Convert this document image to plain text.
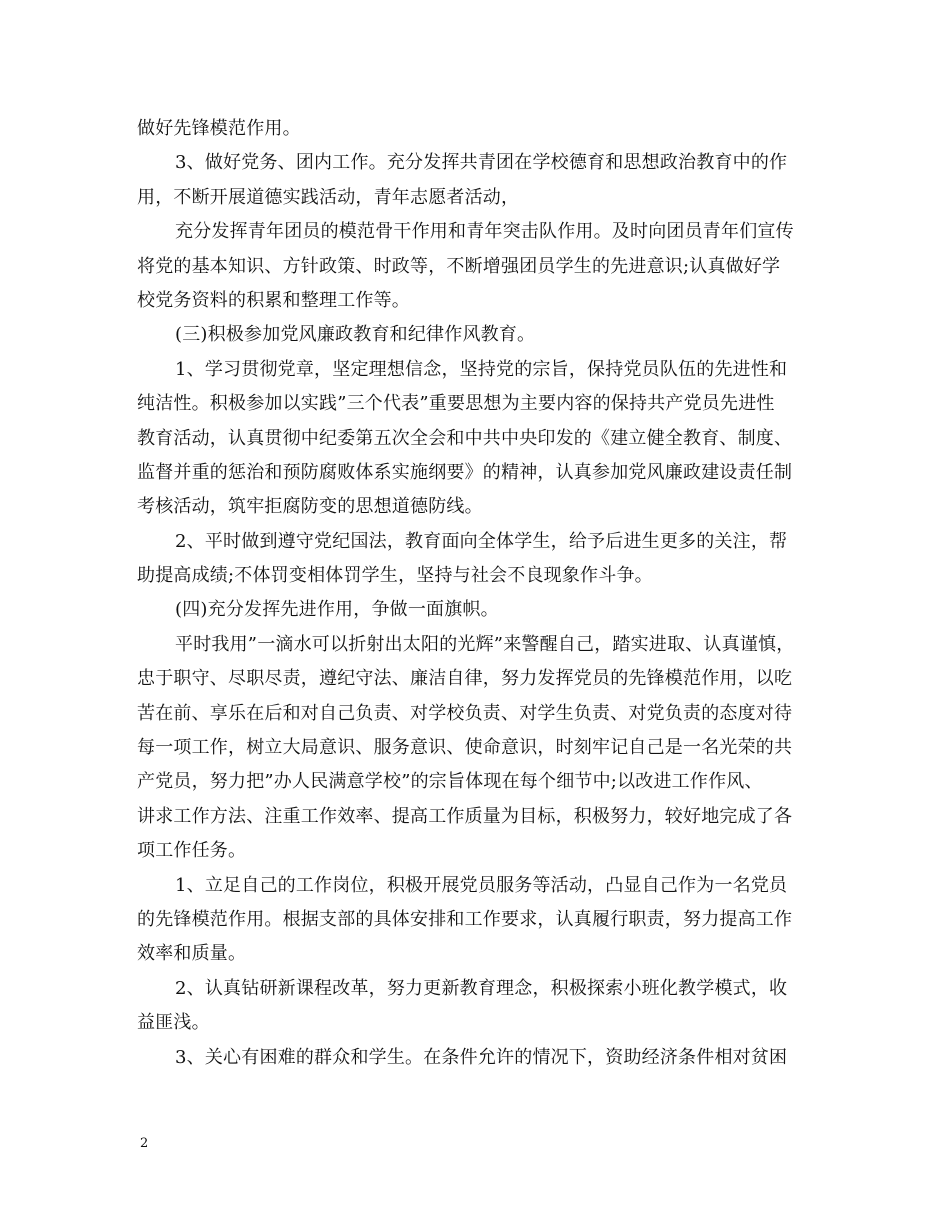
做好先锋模范作用。
3、做好党务、团内工作。充分发挥共青团在学校德育和思想政治教育中的作
用，不断开展道德实践活动，青年志愿者活动，
充分发挥青年团员的模范骨干作用和青年突击队作用。及时向团员青年们宣传
将党的基本知识、方针政策、时政等，不断增强团员学生的先进意识;认真做好学
校党务资料的积累和整理工作等。
(三)积极参加党风廉政教育和纪律作风教育。
1、学习贯彻党章，坚定理想信念，坚持党的宗旨，保持党员队伍的先进性和
纯洁性。积极参加以实践”三个代表”重要思想为主要内容的保持共产党员先进性
教育活动，认真贯彻中纪委第五次全会和中共中央印发的《建立健全教育、制度、
监督并重的惩治和预防腐败体系实施纲要》的精神，认真参加党风廉政建设责任制
考核活动，筑牢拒腐防变的思想道德防线。
2、平时做到遵守党纪国法，教育面向全体学生，给予后进生更多的关注，帮
助提高成绩;不体罚变相体罚学生，坚持与社会不良现象作斗争。
(四)充分发挥先进作用，争做一面旗帜。
平时我用”一滴水可以折射出太阳的光辉”来警醒自己，踏实进取、认真谨慎，
忠于职守、尽职尽责，遵纪守法、廉洁自律，努力发挥党员的先锋模范作用，以吃
苦在前、享乐在后和对自己负责、对学校负责、对学生负责、对党负责的态度对待
每一项工作，树立大局意识、服务意识、使命意识，时刻牢记自己是一名光荣的共
产党员，努力把”办人民满意学校”的宗旨体现在每个细节中;以改进工作作风、
讲求工作方法、注重工作效率、提高工作质量为目标，积极努力，较好地完成了各
项工作任务。
1、立足自己的工作岗位，积极开展党员服务等活动，凸显自己作为一名党员
的先锋模范作用。根据支部的具体安排和工作要求，认真履行职责，努力提高工作
效率和质量。
2、认真钻研新课程改革，努力更新教育理念，积极探索小班化教学模式，收
益匪浅。
3、关心有困难的群众和学生。在条件允许的情况下，资助经济条件相对贫困
2
